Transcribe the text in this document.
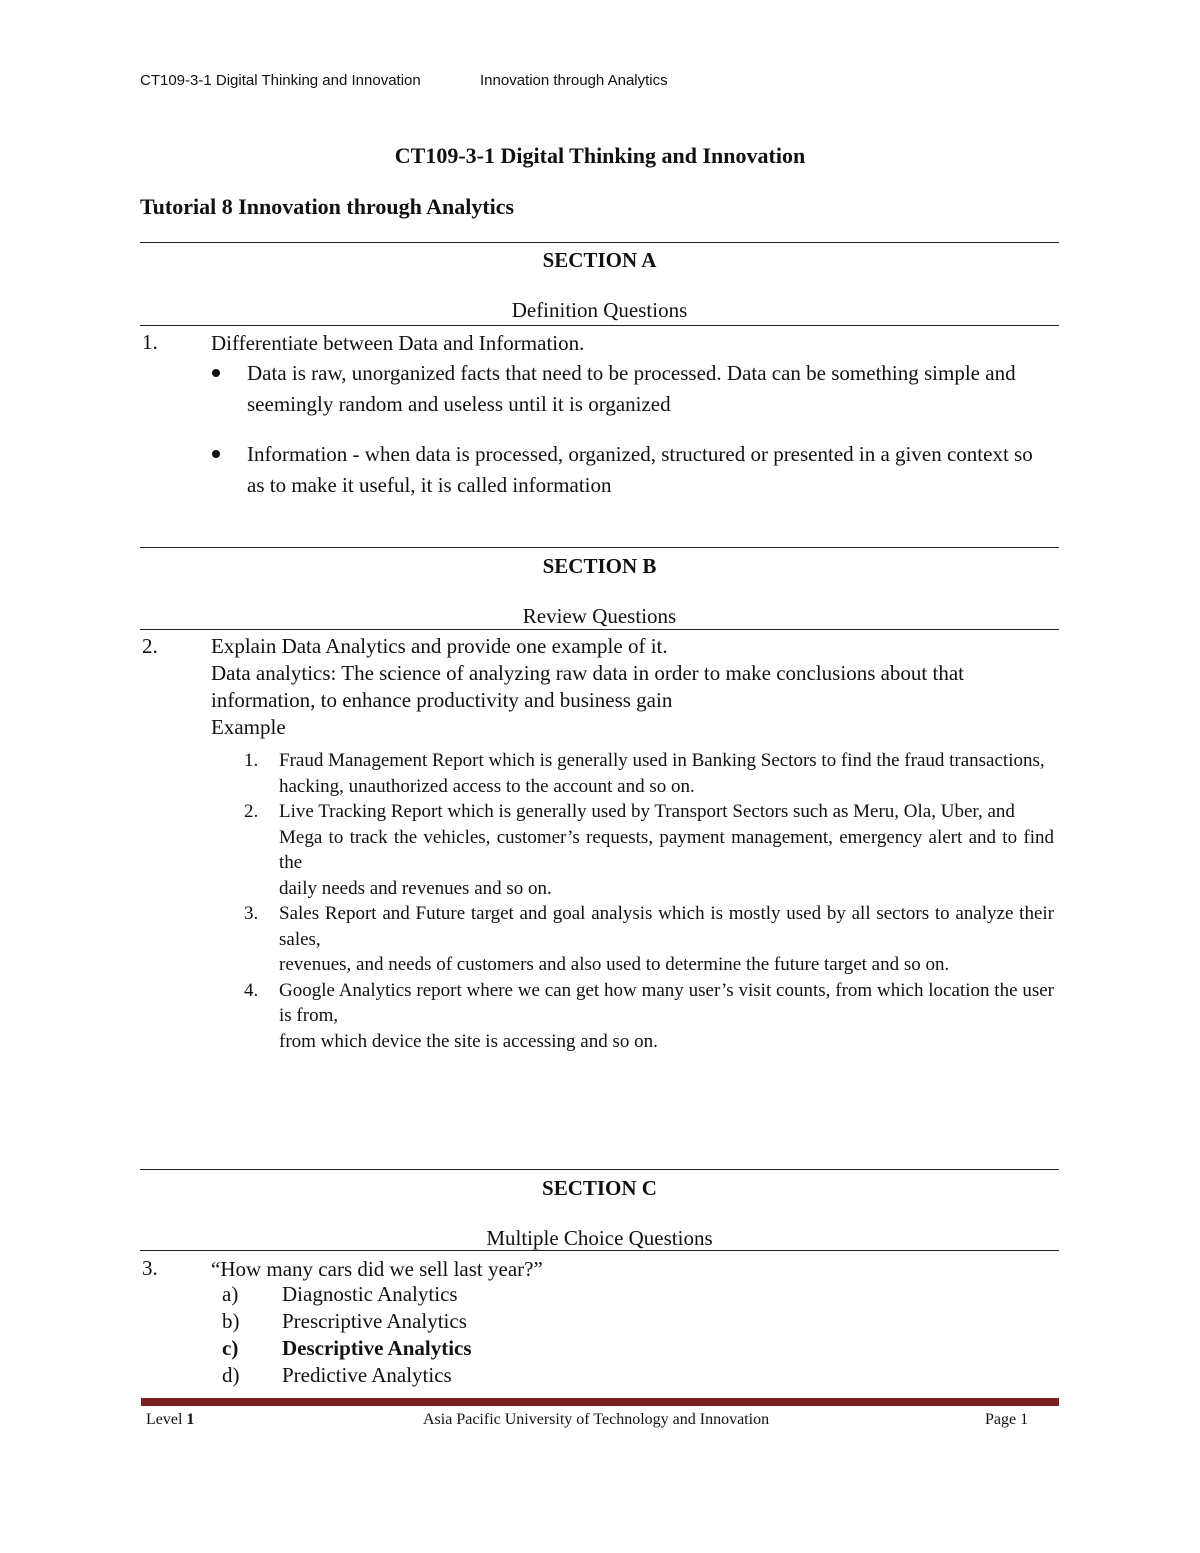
CT109-3-1 Digital Thinking and Innovation	Innovation through Analytics
CT109-3-1 Digital Thinking and Innovation
Tutorial 8 Innovation through Analytics
SECTION A
Definition Questions
1.	Differentiate between Data and Information.
Data is raw, unorganized facts that need to be processed. Data can be something simple and seemingly random and useless until it is organized
Information - when data is processed, organized, structured or presented in a given context so as to make it useful, it is called information
SECTION B
Review Questions
2.	Explain Data Analytics and provide one example of it.
Data analytics: The science of analyzing raw data in order to make conclusions about that information, to enhance productivity and business gain
Example
1.	Fraud Management Report which is generally used in Banking Sectors to find the fraud transactions,
hacking, unauthorized access to the account and so on.
2.	Live Tracking Report which is generally used by Transport Sectors such as Meru, Ola, Uber, and
Mega to track the vehicles, customer’s requests, payment management, emergency alert and to find the
daily needs and revenues and so on.
3.	Sales Report and Future target and goal analysis which is mostly used by all sectors to analyze their sales,
revenues, and needs of customers and also used to determine the future target and so on.
4.	Google Analytics report where we can get how many user’s visit counts, from which location the user is from,
from which device the site is accessing and so on.
SECTION C
Multiple Choice Questions
3.	“How many cars did we sell last year?”
a) Diagnostic Analytics
b) Prescriptive Analytics
c) Descriptive Analytics
d) Predictive Analytics
Level 1	Asia Pacific University of Technology and Innovation	Page 1
